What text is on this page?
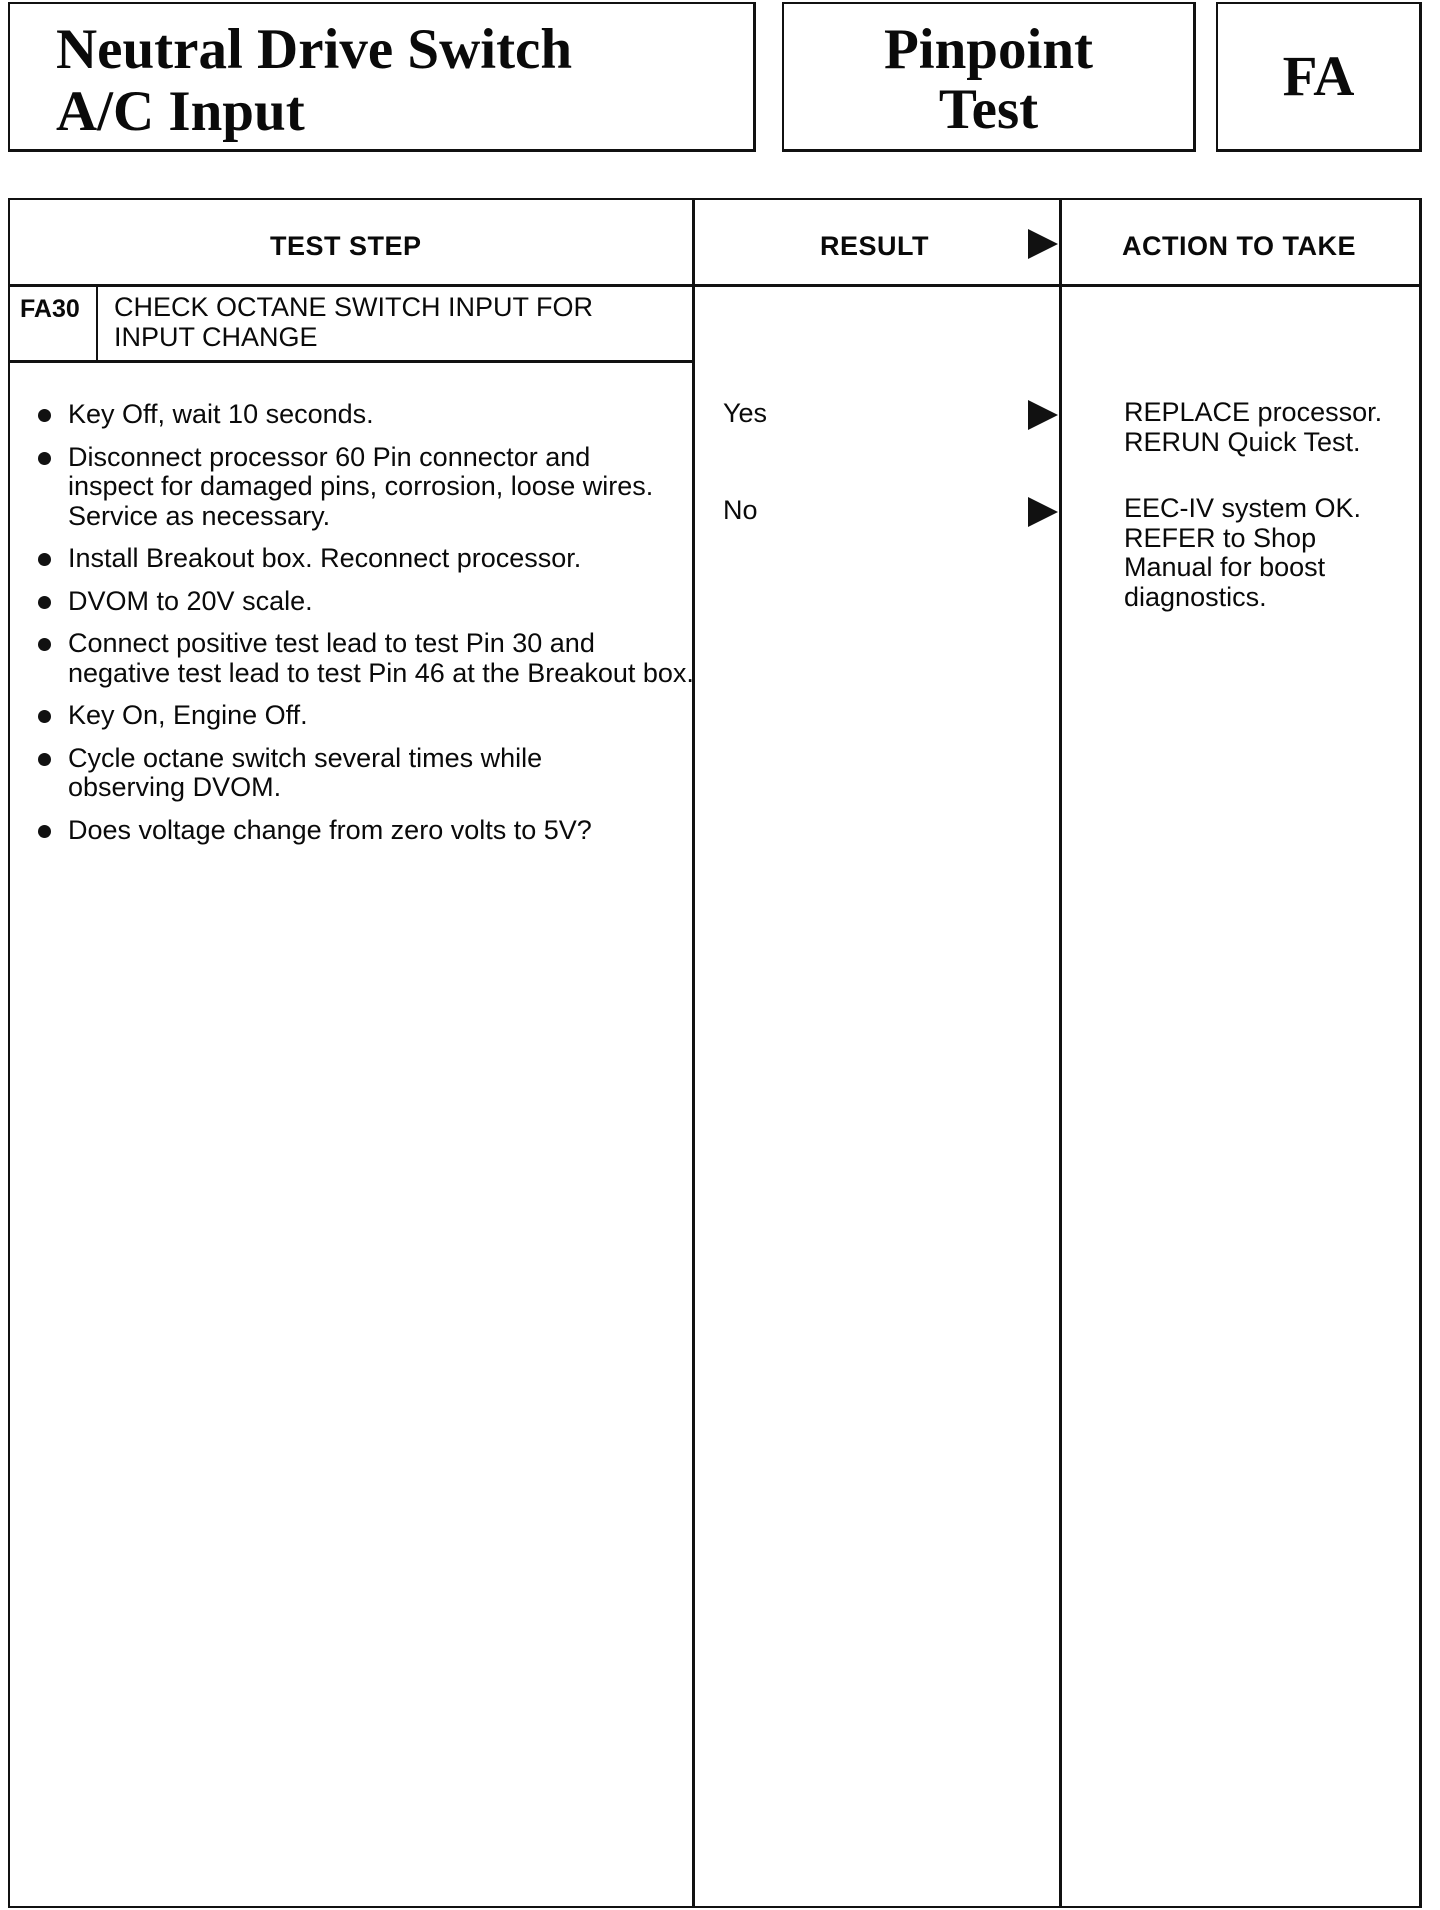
Neutral Drive Switch
A/C Input
Pinpoint
Test
FA
TEST STEP	RESULT	ACTION TO TAKE
FA30 CHECK OCTANE SWITCH INPUT FOR
INPUT CHANGE
Key Off, wait 10 seconds.
Disconnect processor 60 Pin connector and inspect for damaged pins, corrosion, loose wires. Service as necessary.
Install Breakout box. Reconnect processor.
DVOM to 20V scale.
Connect positive test lead to test Pin 30 and negative test lead to test Pin 46 at the Breakout box.
Key On, Engine Off.
Cycle octane switch several times while observing DVOM.
Does voltage change from zero volts to 5V?
Yes	REPLACE processor.
RERUN Quick Test.
No	EEC-IV system OK.
REFER to Shop
Manual for boost
diagnostics.
